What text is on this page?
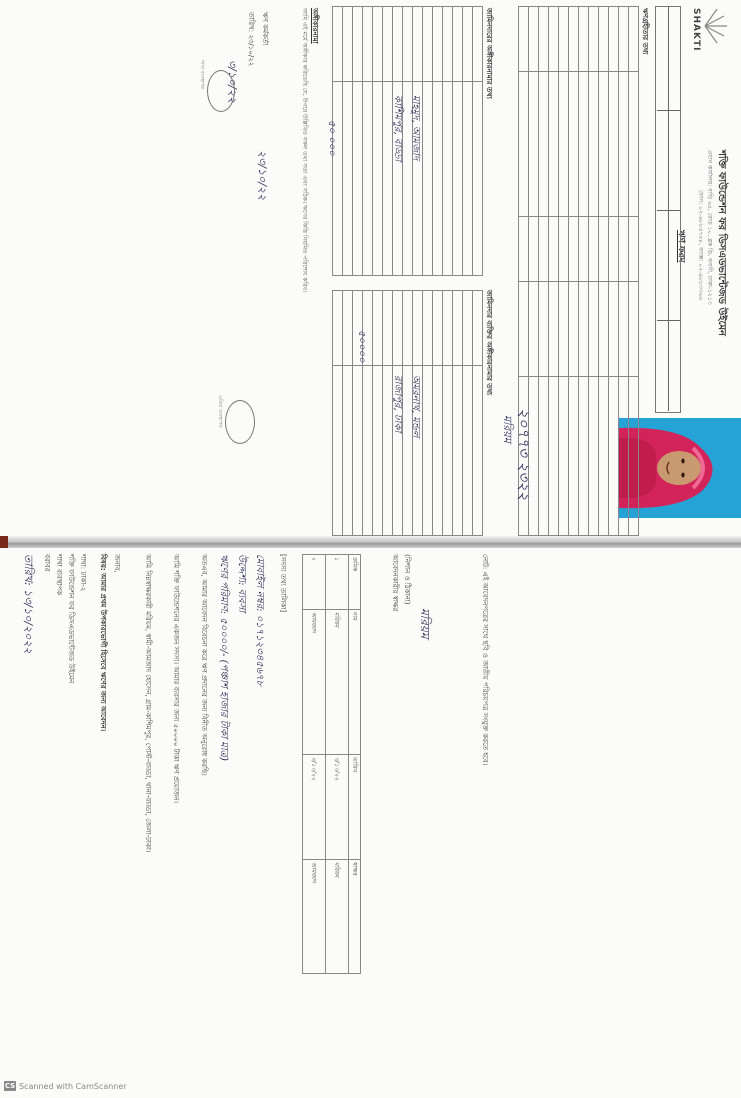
SHAKTI
শক্তি ফাউন্ডেশন ফর ডিসএডভান্টেজড উইমেন
প্রধান কার্যালয়: বাড়ি ৬৪, রোড ১০, ব্লক ডি, বনানী, ঢাকা-১২১৩
ফোন: ০২-৯৮৮৫৭৪৮, ফ্যাক্স: ০২-৯৮৮৩৩৬৪
ঋণ ফরম
ঋণগ্রহীতার তথ্য

২০৭৭৩ ২৩২২
মরিয়ম
জামিনদারের অঙ্গীকারনামার তথ্য
জামিনদার ব্যক্তির অঙ্গীকারনামার তথ্য

মাহমুদ, আমজাদ
কাশিমপুর, বাড্ডা
অমরনাথ, মন্ডল
রাজাপুর, ঢাকা
৫০০০০
৫০ ০০০
অঙ্গীকারনামা
আমি এই মর্মে অঙ্গীকার করিতেছি যে, উপরে উল্লিখিত সকল তথ্য সত্য এবং সঠিক। ঋণের কিস্তি নিয়মিত পরিশোধ করিব।
২৩/১০/২২
ঋণ কর্মকর্তা
তারিখ: ২৩/১০/২২
৩/১০/২২
শাখা ব্যবস্থাপক
এরিয়া ব্যবস্থাপক
তারিখ: ১৩/১০/২০২২ বরাবর শাখা ব্যবস্থাপক শক্তি ফাউন্ডেশন ফর ডিসএডভান্টেজড উইমেন শাখা: ঢাকা-২ বিষয়: আমার প্রথম উপকারভোগী হিসেবে ঋণের জন্য আবেদন। জনাব,	আমি নিম্নস্বাক্ষরকারী মরিয়ম, স্বামী-আমজাদ হোসেন, গ্রাম-কাশিমপুর, পোস্ট-বাড্ডা, থানা-বাড্ডা, জেলা-ঢাকা।	আমি শক্তি ফাউন্ডেশনের একজন সদস্য। আমার ব্যবসার জন্য ৫০০০০ টাকা ঋণ প্রয়োজন।	অতএব, আমার আবেদন বিবেচনা করে ঋণ প্রদানের জন্য বিনীত অনুরোধ করছি।	ঋণের পরিমাণ: ৫০০০০/- (পঞ্চাশ হাজার টাকা মাত্র) উদ্দেশ্য: ব্যবসা মোবাইল নম্বর: ০১৭১২৩৪৫৬৭৮ [সদস্য তথ্য তালিকা]	ক্রমিক	নাম	তারিখ	স্বাক্ষর
১	মরিয়ম	৩/১০/২২	মরিয়ম
২	আমজাদ	৩/১০/২২	আমজাদ
আবেদনকারীর স্বাক্ষর (নিশান ও ঠিকানা)
মরিয়ম	নোট: এই আবেদনপত্রের সাথে ছবি ও জাতীয় পরিচয়পত্র সংযুক্ত করতে হবে।
CS Scanned with CamScanner
